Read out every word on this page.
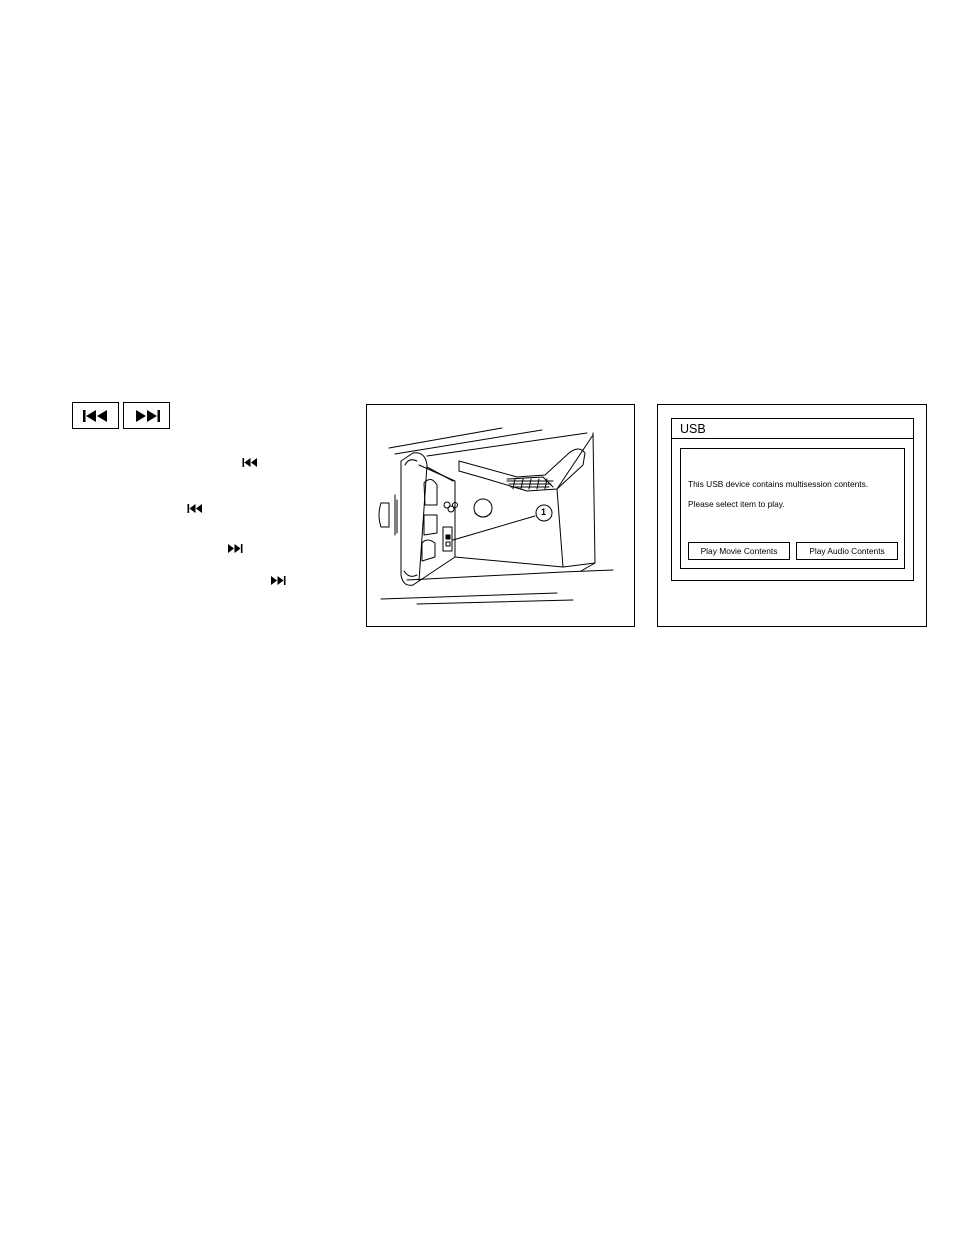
1
USB
This USB device contains multisession contents.
Please select item to play.
Play Movie Contents	Play Audio Contents
